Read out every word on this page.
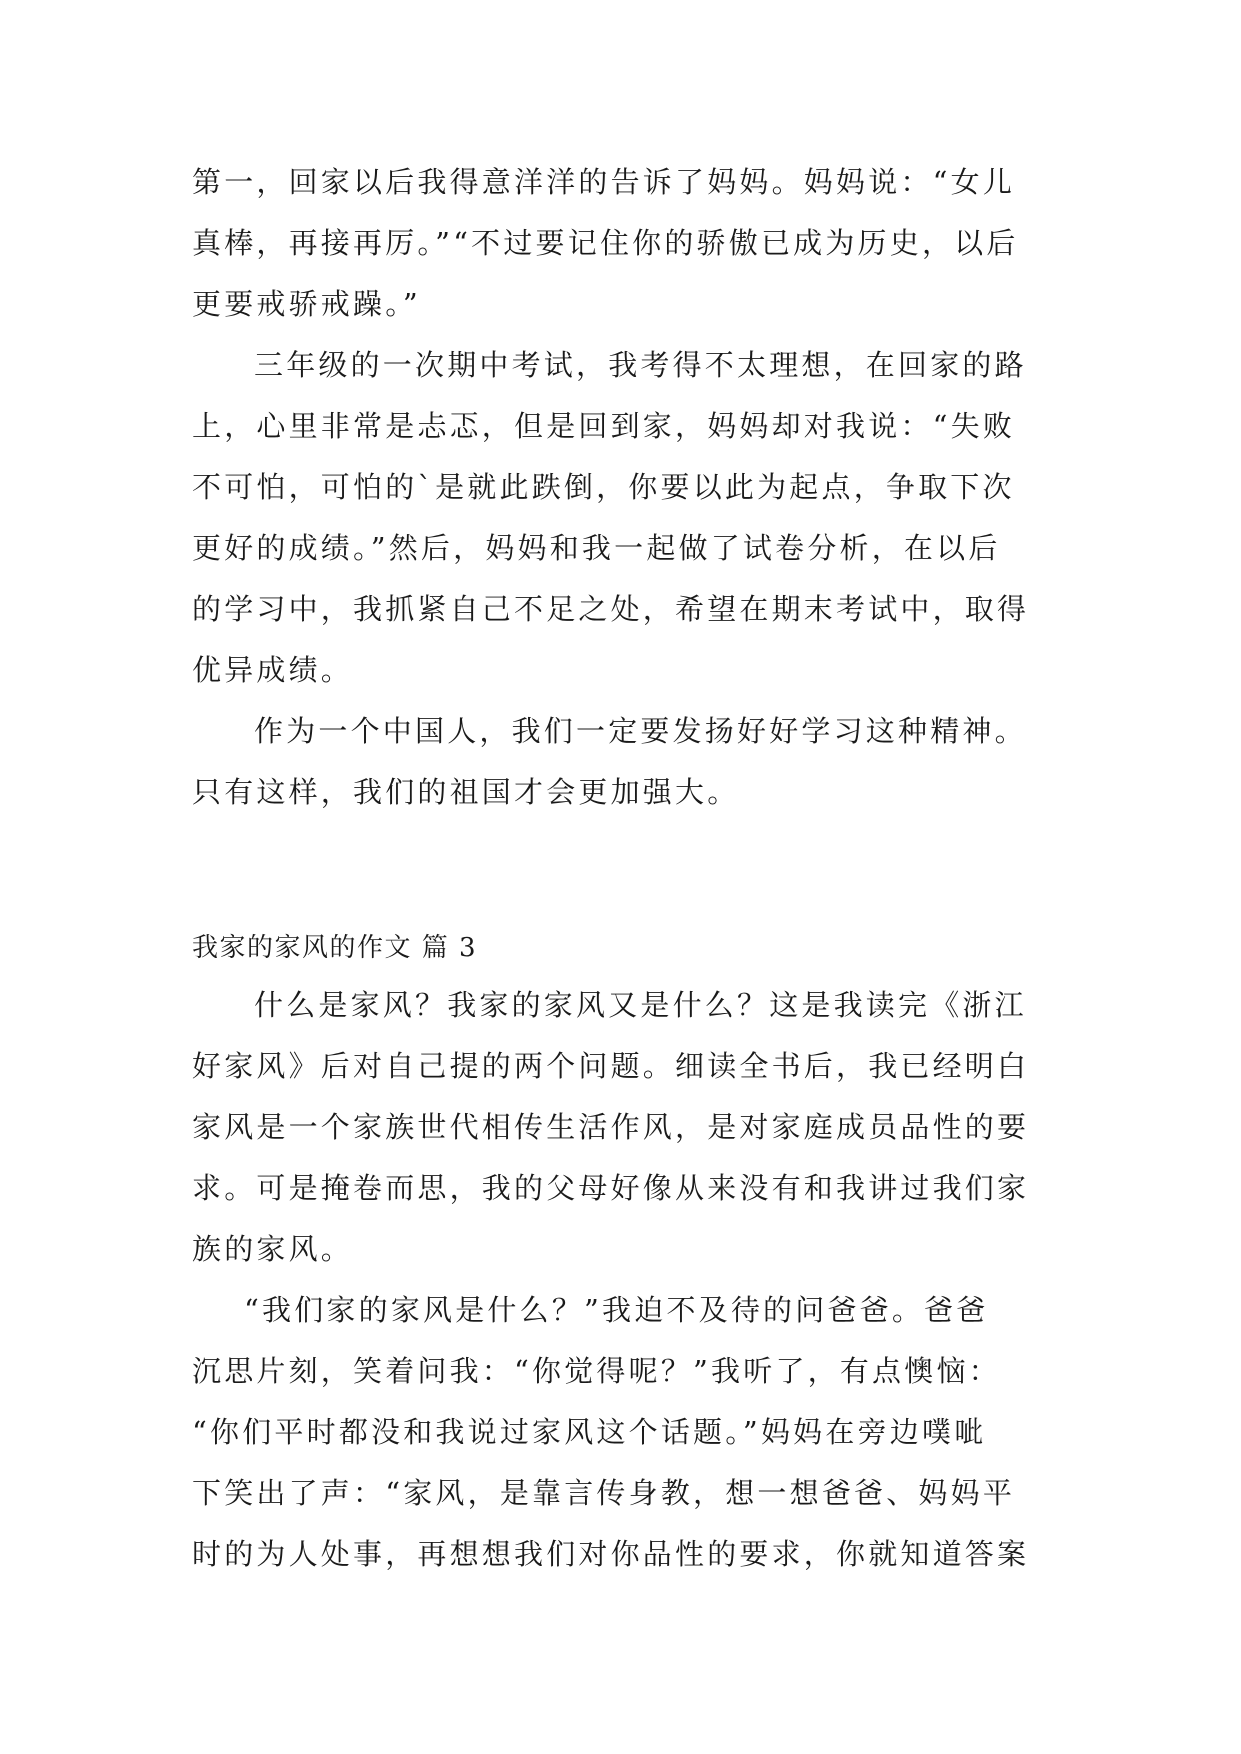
第一，回家以后我得意洋洋的告诉了妈妈。妈妈说：“女儿
真棒，再接再厉。”“不过要记住你的骄傲已成为历史，以后
更要戒骄戒躁。”
三年级的一次期中考试，我考得不太理想，在回家的路
上，心里非常是忐忑，但是回到家，妈妈却对我说：“失败
不可怕，可怕的`是就此跌倒，你要以此为起点，争取下次
更好的成绩。”然后，妈妈和我一起做了试卷分析，在以后
的学习中，我抓紧自己不足之处，希望在期末考试中，取得
优异成绩。
作为一个中国人，我们一定要发扬好好学习这种精神。
只有这样，我们的祖国才会更加强大。
我家的家风的作文 篇 3
什么是家风？我家的家风又是什么？这是我读完《浙江
好家风》后对自己提的两个问题。细读全书后，我已经明白
家风是一个家族世代相传生活作风，是对家庭成员品性的要
求。可是掩卷而思，我的父母好像从来没有和我讲过我们家
族的家风。
“我们家的家风是什么？”我迫不及待的问爸爸。爸爸
沉思片刻，笑着问我：“你觉得呢？”我听了，有点懊恼：
“你们平时都没和我说过家风这个话题。”妈妈在旁边噗呲
下笑出了声：“家风，是靠言传身教，想一想爸爸、妈妈平
时的为人处事，再想想我们对你品性的要求，你就知道答案
